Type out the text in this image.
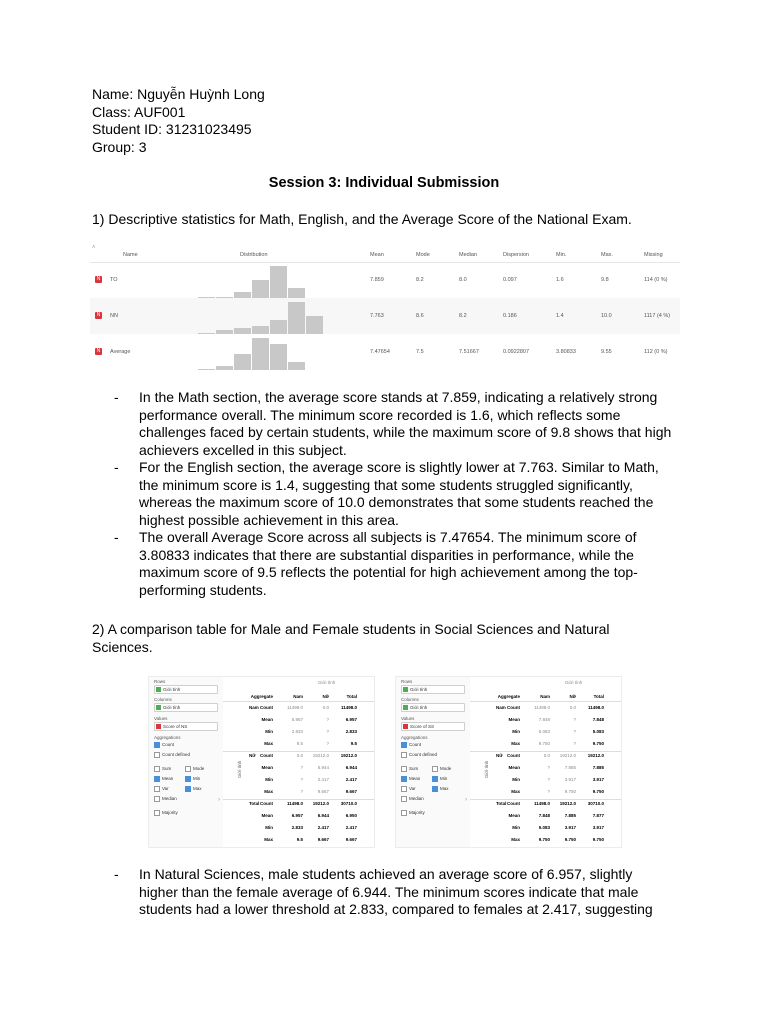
Name: Nguyễn Huỳnh Long
Class: AUF001
Student ID: 31231023495
Group: 3
Session 3: Individual Submission
1) Descriptive statistics for Math, English, and the Average Score of the National Exam.
˄
Name	Distribution	Mean	Mode	Median	Dispersion	Min.	Max.	Missing
N	TO	7.859	8.2	8.0	0.097	1.6	9.8	114 (0 %)
N	NN	7.763	8.6	8.2	0.186	1.4	10.0	1117 (4 %)
N	Average	7.47654	7.5	7.51667	0.0922807	3.80833	9.55	112 (0 %)
- In the Math section, the average score stands at 7.859, indicating a relatively strong performance overall. The minimum score recorded is 1.6, which reflects some challenges faced by certain students, while the maximum score of 9.8 shows that high achievers excelled in this subject.
- For the English section, the average score is slightly lower at 7.763. Similar to Math, the minimum score is 1.4, suggesting that some students struggled significantly, whereas the maximum score of 10.0 demonstrates that some students reached the highest possible achievement in this area.
- The overall Average Score across all subjects is 7.47654. The minimum score of 3.80833 indicates that there are substantial disparities in performance, while the maximum score of 9.5 reflects the potential for high achievement among the top-performing students.
2) A comparison table for Male and Female students in Social Sciences and Natural Sciences.
Rows
Giới tính
Columns
Giới tính
Values
Score of NS
Aggregations
Count
Count defined
Sum	Mode
Mean	Min
Var	Max
Median
Majority
›
Giới tính
Aggregate	Nam	Nữ	Total
Giới tính
Nam Count	11498.0	0.0	11498.0
Mean	6.957	?	6.957
Min	2.833	?	2.833
Max	9.5	?	9.5
Nữ Count	0.0	19212.0	19212.0
Mean	?	6.944	6.944
Min	?	2.417	2.417
Max	?	9.667	9.667
Total Count	11498.0	19212.0	30710.0
Mean	6.957	6.944	6.950
Min	2.833	2.417	2.417
Max	9.5	9.667	9.667
Rows
Giới tính
Columns
Giới tính
Values
Score of SS
Aggregations
Count
Count defined
Sum	Mode
Mean	Min
Var	Max
Median
Majority
›
Giới tính
Aggregate	Nam	Nữ	Total
Giới tính
Nam Count	11498.0	0.0	11498.0
Mean	7.848	?	7.848
Min	5.083	?	5.083
Max	9.750	?	9.750
Nữ Count	0.0	19212.0	19212.0
Mean	?	7.885	7.885
Min	?	3.917	3.917
Max	?	9.750	9.750
Total Count	11498.0	19212.0	30710.0
Mean	7.848	7.885	7.877
Min	5.083	3.917	3.917
Max	9.750	9.750	9.750
- In Natural Sciences, male students achieved an average score of 6.957, slightly higher than the female average of 6.944. The minimum scores indicate that male students had a lower threshold at 2.833, compared to females at 2.417, suggesting
